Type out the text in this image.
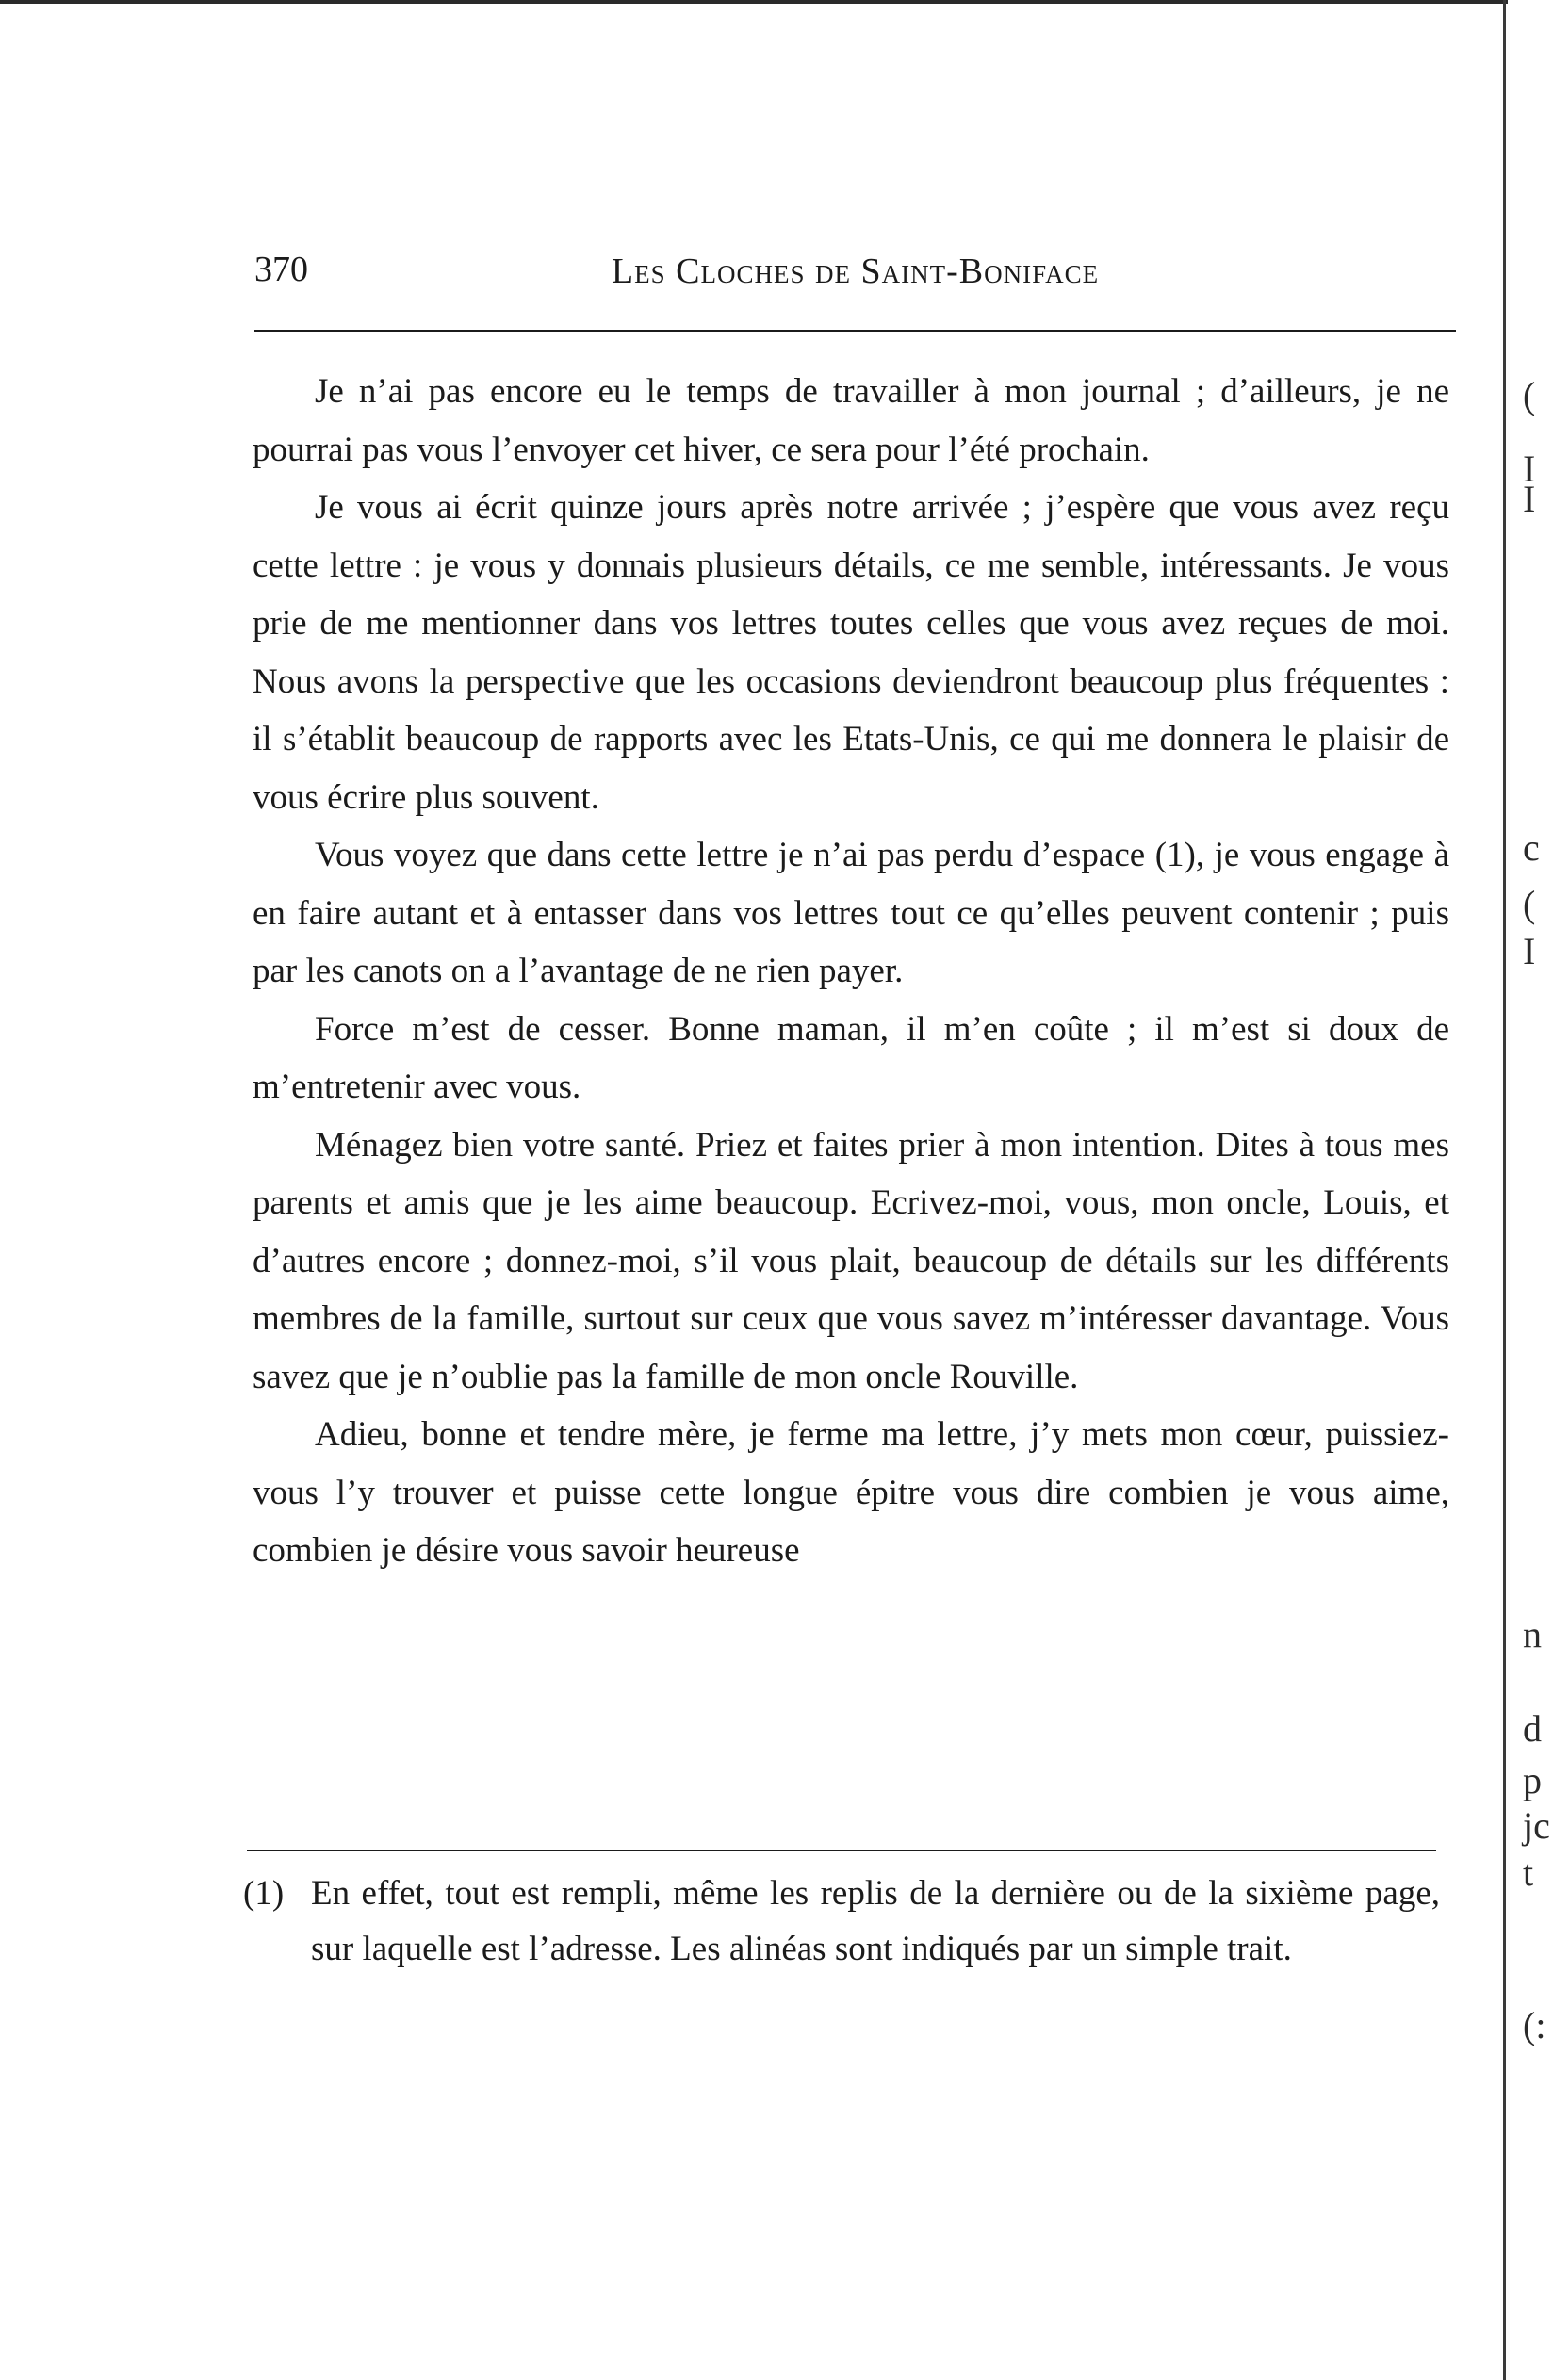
(
I
I
c
(
I
n
d
p
jc
t
(:
370	Les Cloches de Saint-Boniface

Je n’ai pas encore eu le temps de travailler à mon journal ; d’ailleurs, je ne pourrai pas vous l’envoyer cet hiver, ce sera pour l’été prochain.

Je vous ai écrit quinze jours après notre arrivée ; j’espère que vous avez reçu cette lettre : je vous y donnais plusieurs détails, ce me semble, intéressants. Je vous prie de me mentionner dans vos lettres toutes celles que vous avez reçues de moi. Nous avons la perspective que les occasions deviendront beaucoup plus fréquentes : il s’établit beaucoup de rapports avec les Etats-Unis, ce qui me donnera le plaisir de vous écrire plus souvent.

Vous voyez que dans cette lettre je n’ai pas perdu d’espace (1), je vous engage à en faire autant et à entasser dans vos lettres tout ce qu’elles peuvent contenir ; puis par les canots on a l’avantage de ne rien payer.

Force m’est de cesser. Bonne maman, il m’en coûte ; il m’est si doux de m’entretenir avec vous.

Ménagez bien votre santé. Priez et faites prier à mon intention. Dites à tous mes parents et amis que je les aime beaucoup. Ecrivez-moi, vous, mon oncle, Louis, et d’autres encore ; donnez-moi, s’il vous plait, beaucoup de détails sur les différents membres de la famille, surtout sur ceux que vous savez m’intéresser davantage. Vous savez que je n’oublie pas la famille de mon oncle Rouville.

Adieu, bonne et tendre mère, je ferme ma lettre, j’y mets mon cœur, puissiez-vous l’y trouver et puisse cette longue épitre vous dire combien je vous aime, combien je désire vous savoir heureuse

(1) En effet, tout est rempli, même les replis de la dernière ou de la sixième page, sur laquelle est l’adresse. Les alinéas sont indiqués par un simple trait.
